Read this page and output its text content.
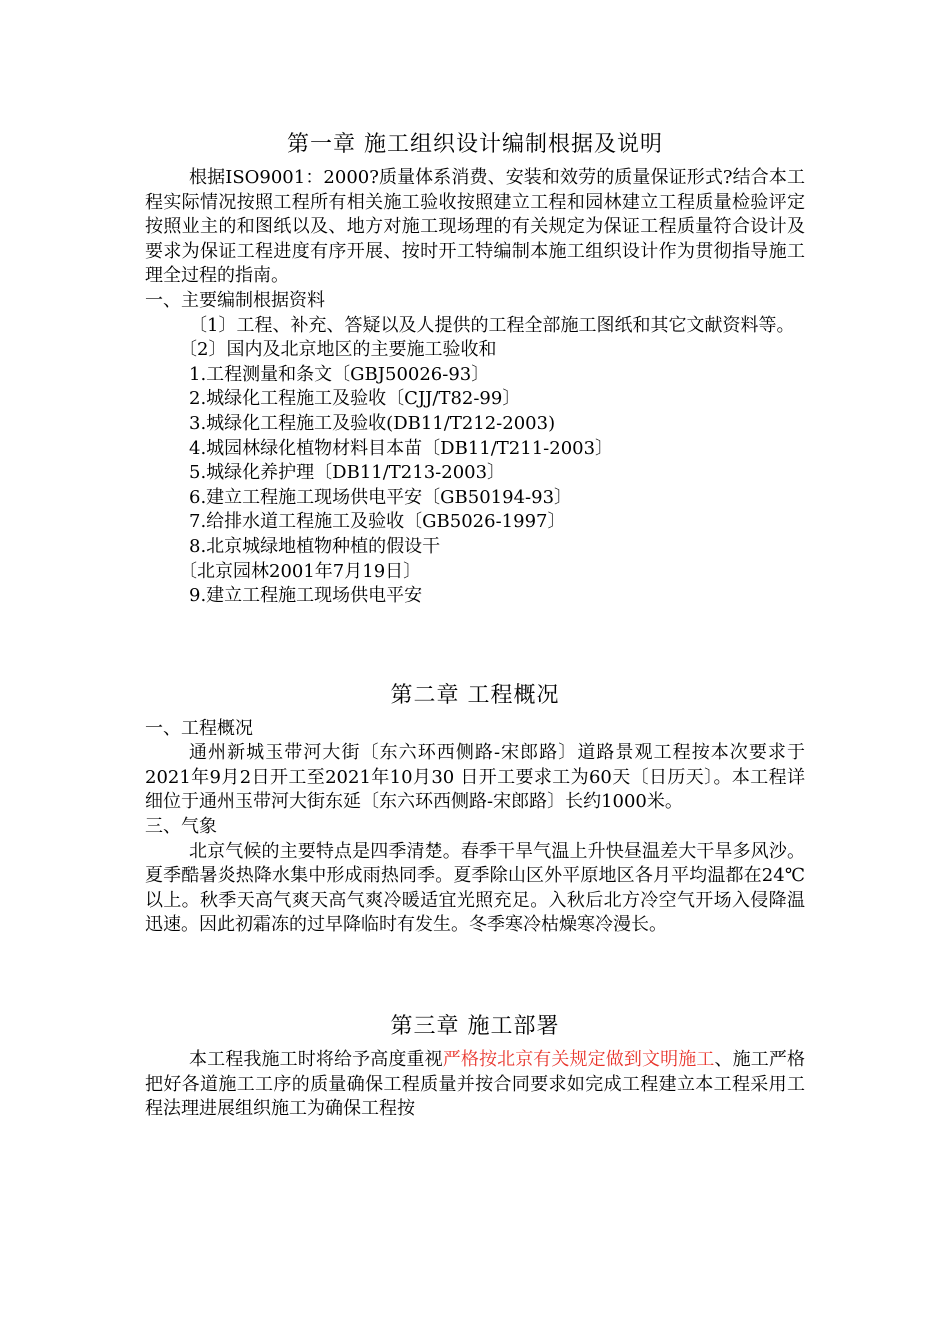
第一章 施工组织设计编制根据及说明

根据ISO9001：2000?质量体系消费、安装和效劳的质量保证形式?结合本工程实际情况按照工程所有相关施工验收按照建立工程和园林建立工程质量检验评定按照业主的和图纸以及、地方对施工现场理的有关规定为保证工程质量符合设计及要求为保证工程进度有序开展、按时开工特编制本施工组织设计作为贯彻指导施工理全过程的指南。

一、主要编制根据资料

〔1〕工程、补充、答疑以及人提供的工程全部施工图纸和其它文献资料等。

〔2〕国内及北京地区的主要施工验收和

1.工程测量和条文〔GBJ50026-93〕

2.城绿化工程施工及验收〔CJJ/T82-99〕

3.城绿化工程施工及验收(DB11/T212-2003)

4.城园林绿化植物材料目本苗〔DB11/T211-2003〕

5.城绿化养护理〔DB11/T213-2003〕

6.建立工程施工现场供电平安〔GB50194-93〕

7.给排水道工程施工及验收〔GB5026-1997〕

8.北京城绿地植物种植的假设干

〔北京园林2001年7月19日〕

9.建立工程施工现场供电平安

第二章 工程概况

一、工程概况

通州新城玉带河大街〔东六环西侧路-宋郎路〕道路景观工程按本次要求于2021年9月2日开工至2021年10月30 日开工要求工为60天〔日历天〕。本工程详细位于通州玉带河大街东延〔东六环西侧路-宋郎路〕长约1000米。

三、气象

北京气候的主要特点是四季清楚。春季干旱气温上升快昼温差大干旱多风沙。夏季酷暑炎热降水集中形成雨热同季。夏季除山区外平原地区各月平均温都在24℃以上。秋季天高气爽天高气爽冷暖适宜光照充足。入秋后北方冷空气开场入侵降温迅速。因此初霜冻的过早降临时有发生。冬季寒冷枯燥寒冷漫长。

第三章 施工部署

本工程我施工时将给予高度重视严格按北京有关规定做到文明施工、施工严格把好各道施工工序的质量确保工程质量并按合同要求如完成工程建立本工程采用工程法理进展组织施工为确保工程按
